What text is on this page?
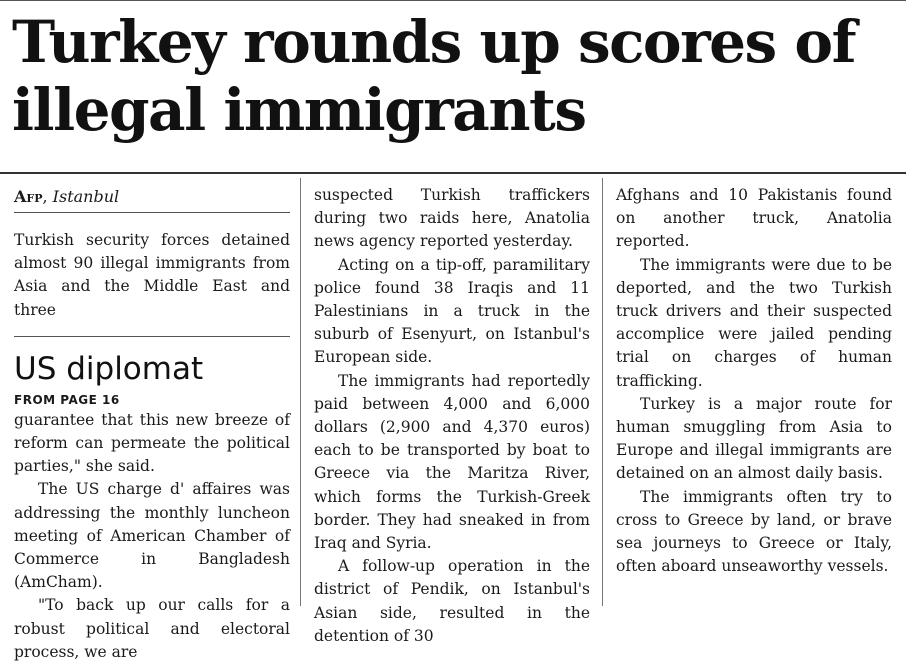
Turkey rounds up scores of illegal immigrants
Afp, Istanbul

Turkish security forces detained almost 90 illegal immigrants from Asia and the Middle East and three

US diplomat
FROM PAGE 16

guarantee that this new breeze of reform can permeate the political parties," she said.

The US charge d' affaires was addressing the monthly luncheon meeting of American Chamber of Commerce in Bangladesh (AmCham).

"To back up our calls for a robust political and electoral process, we are

suspected Turkish traffickers during two raids here, Anatolia news agency reported yesterday.

Acting on a tip-off, paramilitary police found 38 Iraqis and 11 Palestinians in a truck in the suburb of Esenyurt, on Istanbul's European side.

The immigrants had reportedly paid between 4,000 and 6,000 dollars (2,900 and 4,370 euros) each to be transported by boat to Greece via the Maritza River, which forms the Turkish-Greek border. They had sneaked in from Iraq and Syria.

A follow-up operation in the district of Pendik, on Istanbul's Asian side, resulted in the detention of 30

Afghans and 10 Pakistanis found on another truck, Anatolia reported.

The immigrants were due to be deported, and the two Turkish truck drivers and their suspected accomplice were jailed pending trial on charges of human trafficking.

Turkey is a major route for human smuggling from Asia to Europe and illegal immigrants are detained on an almost daily basis.

The immigrants often try to cross to Greece by land, or brave sea journeys to Greece or Italy, often aboard unseaworthy vessels.
